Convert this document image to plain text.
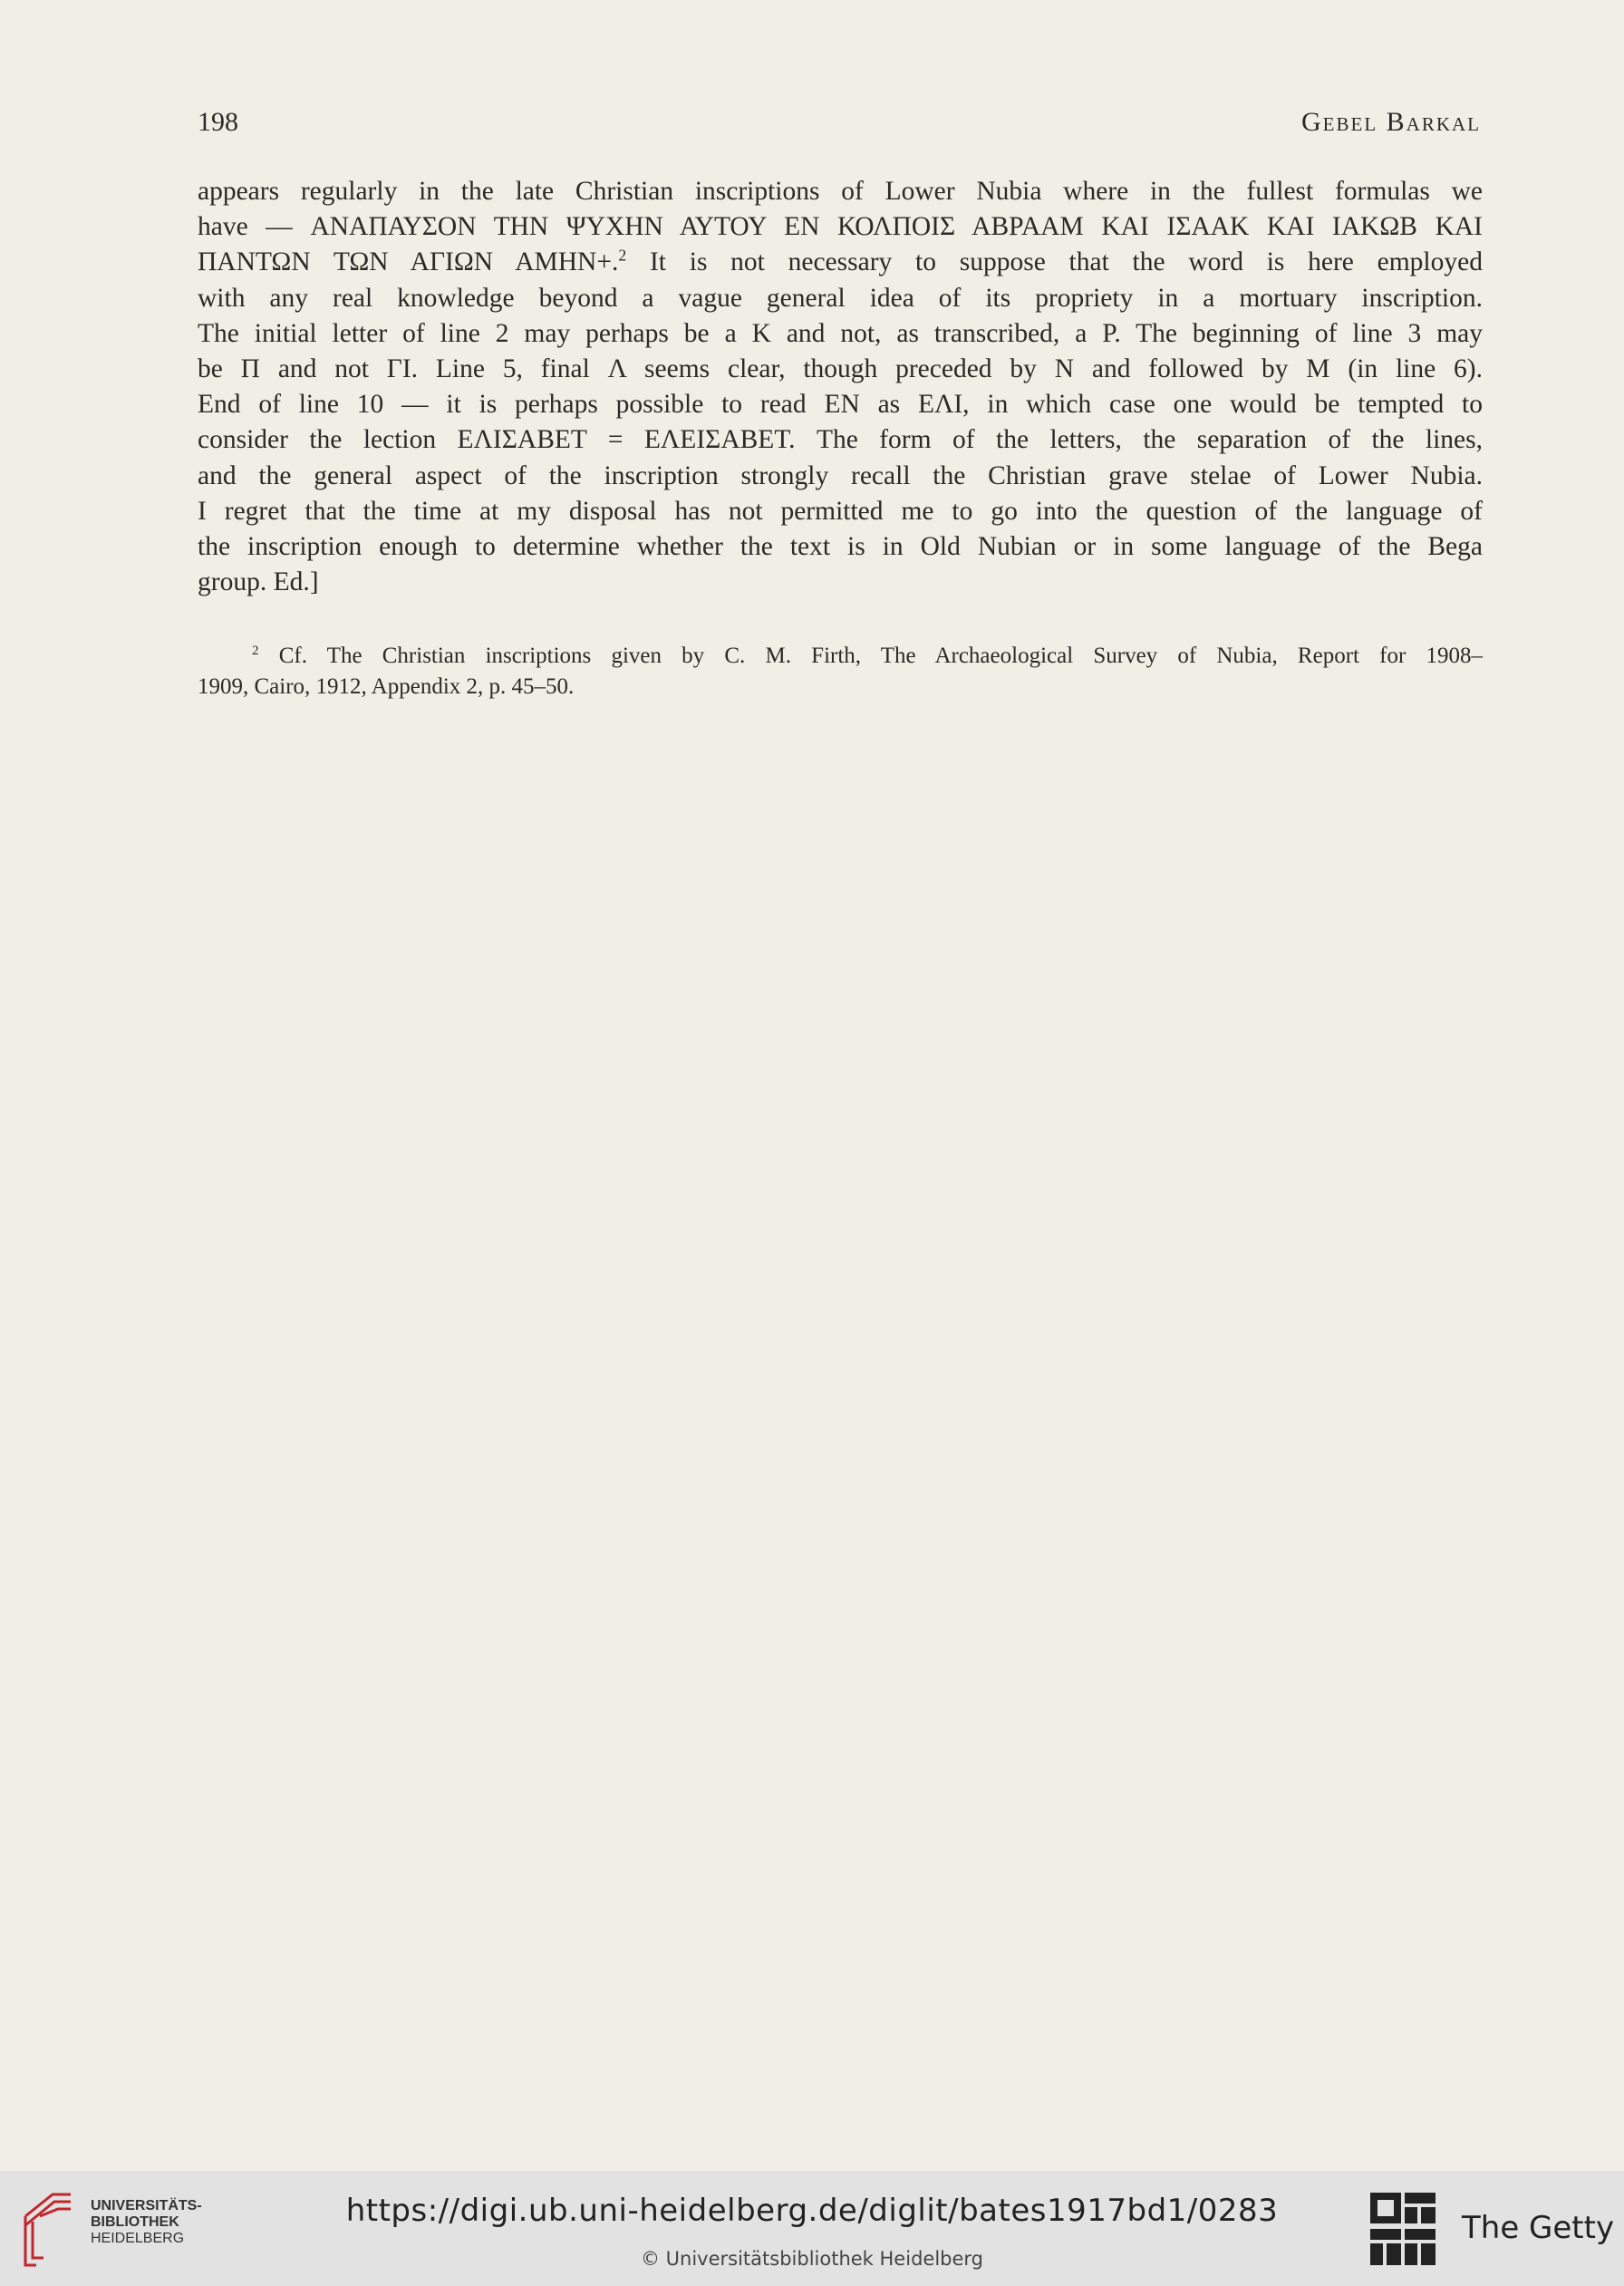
198	Gebel Barkal
appears regularly in the late Christian inscriptions of Lower Nubia where in the fullest formulas we
have — ΑΝΑΠΑΥΣΟΝ ΤΗΝ ΨΥΧΗΝ ΑΥΤΟΥ ΕΝ ΚΟΛΠΟΙΣ ΑΒΡΑΑΜ ΚΑΙ ΙΣΑΑΚ ΚΑΙ ΙΑΚΩΒ ΚΑΙ
ΠΑΝΤΩΝ ΤΩΝ ΑΓΙΩΝ ΑΜΗΝ+.$^2$ It is not necessary to suppose that the word is here employed
with any real knowledge beyond a vague general idea of its propriety in a mortuary inscription.
The initial letter of line 2 may perhaps be a K and not, as transcribed, a P. The beginning of line 3 may
be Π and not ΓΙ. Line 5, final Λ seems clear, though preceded by N and followed by M (in line 6).
End of line 10 — it is perhaps possible to read EN as ΕΛΙ, in which case one would be tempted to
consider the lection ΕΛΙΣΑΒΕΤ = ΕΛΕΙΣΑΒΕΤ. The form of the letters, the separation of the lines,
and the general aspect of the inscription strongly recall the Christian grave stelae of Lower Nubia.
I regret that the time at my disposal has not permitted me to go into the question of the language of
the inscription enough to determine whether the text is in Old Nubian or in some language of the Bega
group. Ed.]
$^2$ Cf. The Christian inscriptions given by C. M. Firth, The Archaeological Survey of Nubia, Report for 1908–
1909, Cairo, 1912, Appendix 2, p. 45–50.
UNIVERSITÄTS-
BIBLIOTHEK
HEIDELBERG
https://digi.ub.uni-heidelberg.de/diglit/bates1917bd1/0283
© Universitätsbibliothek Heidelberg
The Getty
